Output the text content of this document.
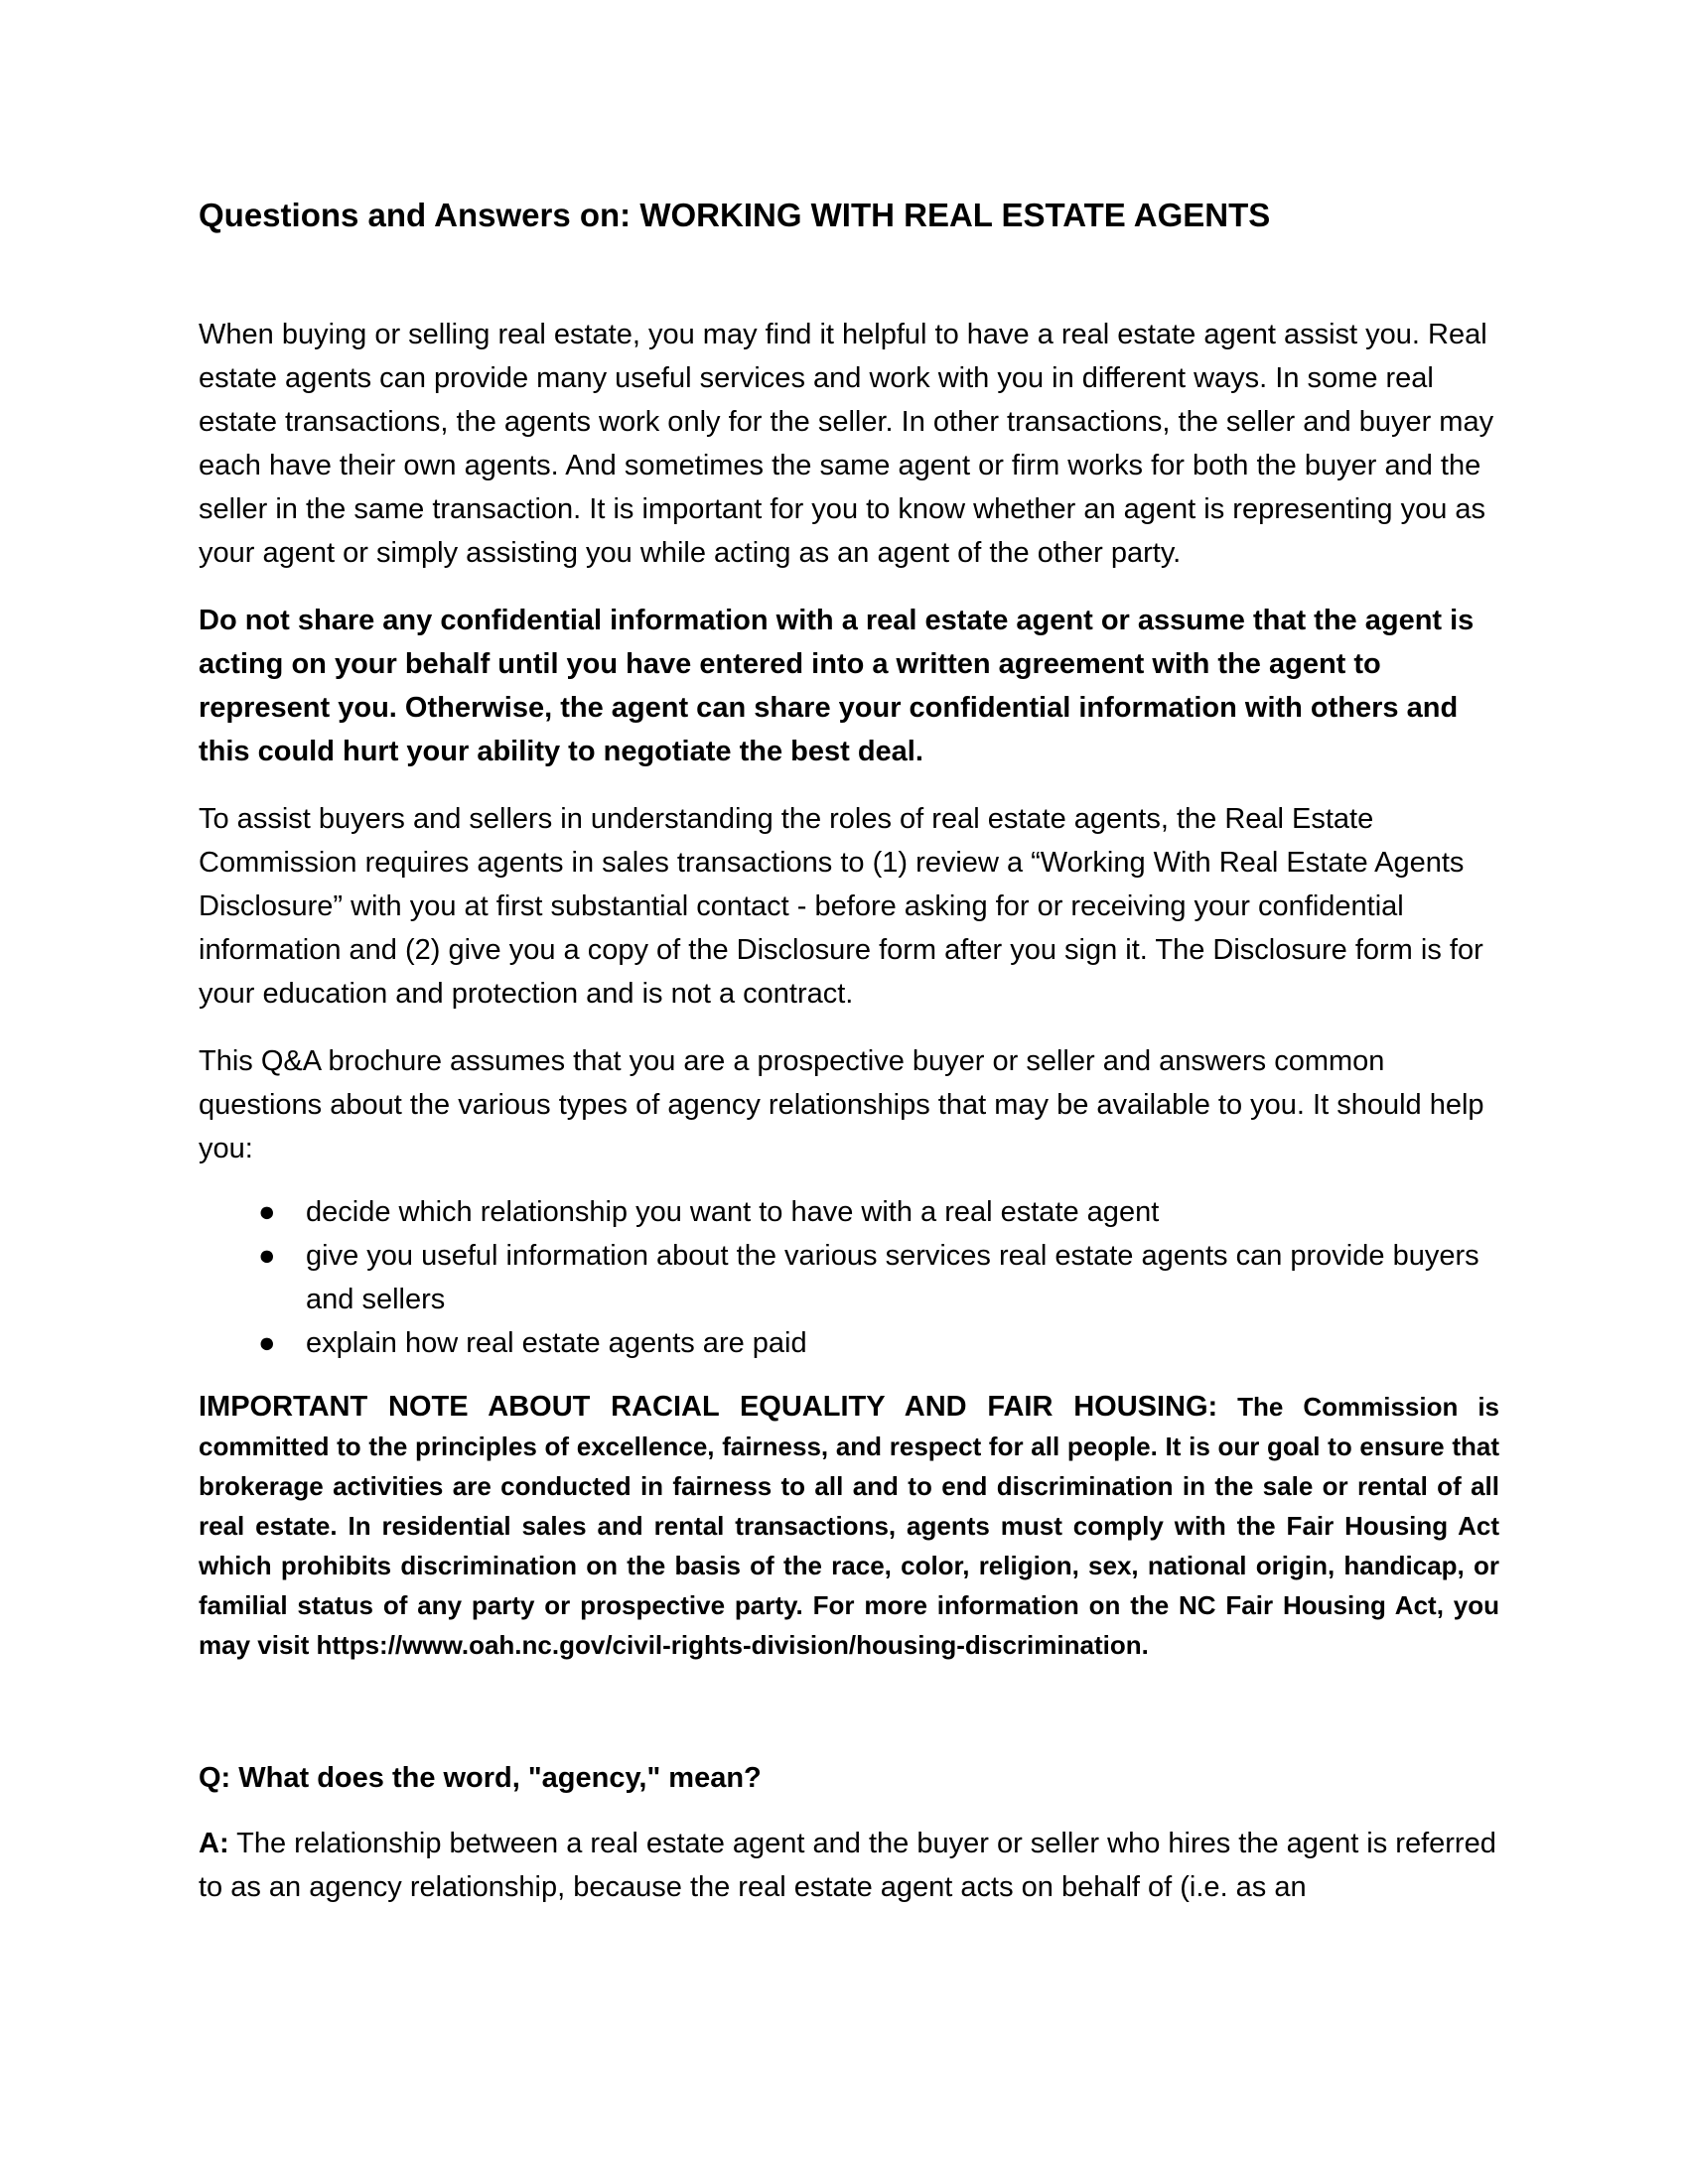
Questions and Answers on: WORKING WITH REAL ESTATE AGENTS

When buying or selling real estate, you may find it helpful to have a real estate agent assist you. Real estate agents can provide many useful services and work with you in different ways. In some real estate transactions, the agents work only for the seller. In other transactions, the seller and buyer may each have their own agents. And sometimes the same agent or firm works for both the buyer and the seller in the same transaction. It is important for you to know whether an agent is representing you as your agent or simply assisting you while acting as an agent of the other party.

Do not share any confidential information with a real estate agent or assume that the agent is acting on your behalf until you have entered into a written agreement with the agent to represent you. Otherwise, the agent can share your confidential information with others and this could hurt your ability to negotiate the best deal.

To assist buyers and sellers in understanding the roles of real estate agents, the Real Estate Commission requires agents in sales transactions to (1) review a “Working With Real Estate Agents Disclosure” with you at first substantial contact - before asking for or receiving your confidential information and (2) give you a copy of the Disclosure form after you sign it. The Disclosure form is for your education and protection and is not a contract.

This Q&A brochure assumes that you are a prospective buyer or seller and answers common questions about the various types of agency relationships that may be available to you. It should help you:

●	decide which relationship you want to have with a real estate agent
●	give you useful information about the various services real estate agents can provide buyers and sellers
●	explain how real estate agents are paid
IMPORTANT NOTE ABOUT RACIAL EQUALITY AND FAIR HOUSING: The Commission is committed to the principles of excellence, fairness, and respect for all people. It is our goal to ensure that brokerage activities are conducted in fairness to all and to end discrimination in the sale or rental of all real estate. In residential sales and rental transactions, agents must comply with the Fair Housing Act which prohibits discrimination on the basis of the race, color, religion, sex, national origin, handicap, or familial status of any party or prospective party. For more information on the NC Fair Housing Act, you may visit https://www.oah.nc.gov/civil-rights-division/housing-discrimination.
Q: What does the word, "agency," mean?

A: The relationship between a real estate agent and the buyer or seller who hires the agent is referred to as an agency relationship, because the real estate agent acts on behalf of (i.e. as an
